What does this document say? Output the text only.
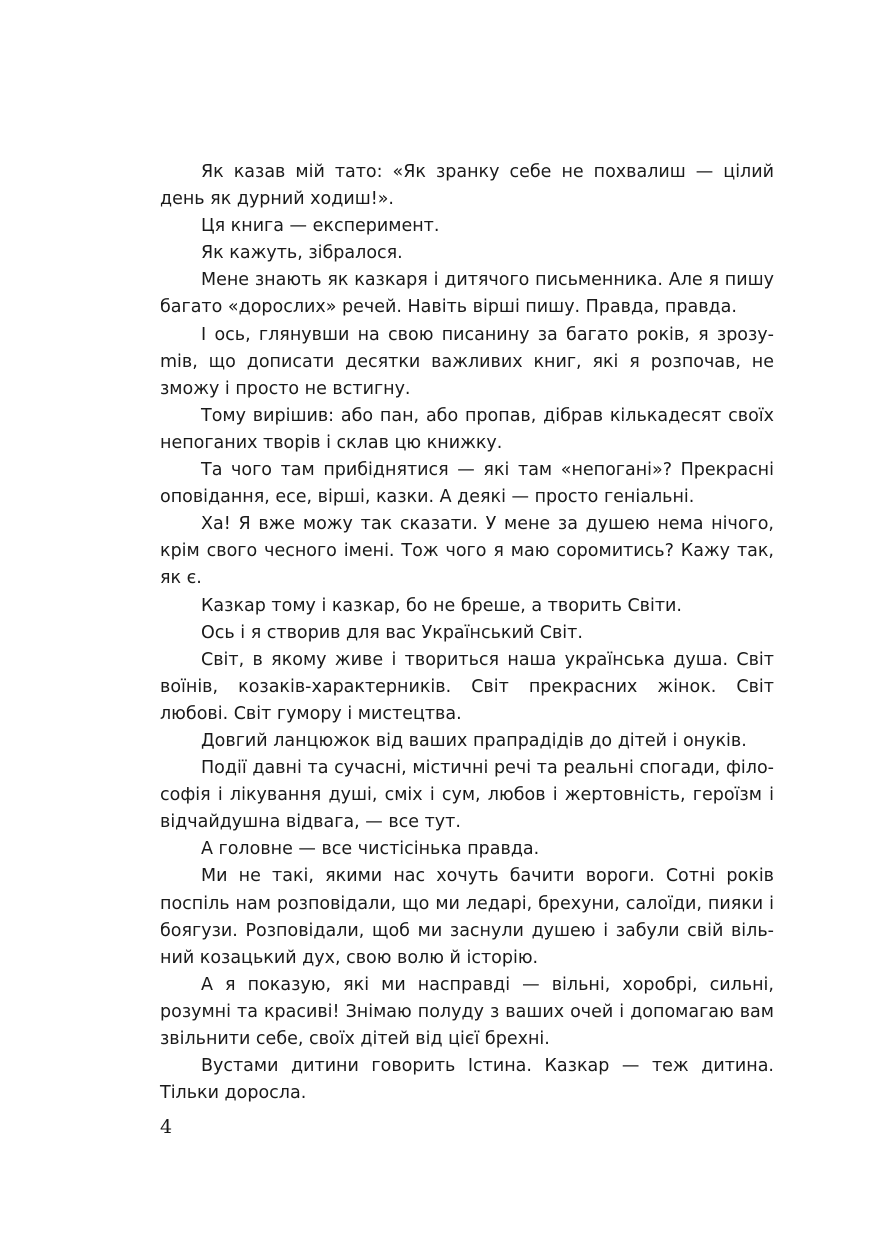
Як казав мій тато: «Як зранку себе не похвалиш — цілий день як дурний ходиш!».

Ця книга — експеримент.

Як кажуть, зібралося.

Мене знають як казкаря і дитячого письменника. Але я пишу багато «дорослих» речей. Навіть вірші пишу. Правда, правда.

І ось, глянувши на свою писанину за багато років, я зрозуmів, що дописати десятки важливих книг, які я розпочав, не зможу і просто не встигну.

Тому вирішив: або пан, або пропав, дібрав кількадесят своїх непоганих творів і склав цю книжку.

Та чого там прибіднятися — які там «непогані»? Прекрасні оповідання, есе, вірші, казки. А деякі — просто геніальні.

Ха! Я вже можу так сказати. У мене за душею нема нічого, крім свого чесного імені. Тож чого я маю соромитись? Кажу так, як є.

Казкар тому і казкар, бо не бреше, а творить Світи.

Ось і я створив для вас Український Світ.

Світ, в якому живе і твориться наша українська душа. Світ воїнів, козаків-характерників. Світ прекрасних жінок. Світ любові. Світ гумору і мистецтва.

Довгий ланцюжок від ваших прапрадідів до дітей і онуків.

Події давні та сучасні, містичні речі та реальні спогади, філософія і лікування душі, сміх і сум, любов і жертовність, героїзм і відчайдушна відвага, — все тут.

А головне — все чистісінька правда.

Ми не такі, якими нас хочуть бачити вороги. Сотні років поспіль нам розповідали, що ми ледарі, брехуни, салоїди, пияки і боягузи. Розповідали, щоб ми заснули душею і забули свій вільний козацький дух, свою волю й історію.

А я показую, які ми насправді — вільні, хоробрі, сильні, розумні та красиві! Знімаю полуду з ваших очей і допомагаю вам звільнити себе, своїх дітей від цієї брехні.

Вустами дитини говорить Істина. Казкар — теж дитина. Тільки доросла.

4
